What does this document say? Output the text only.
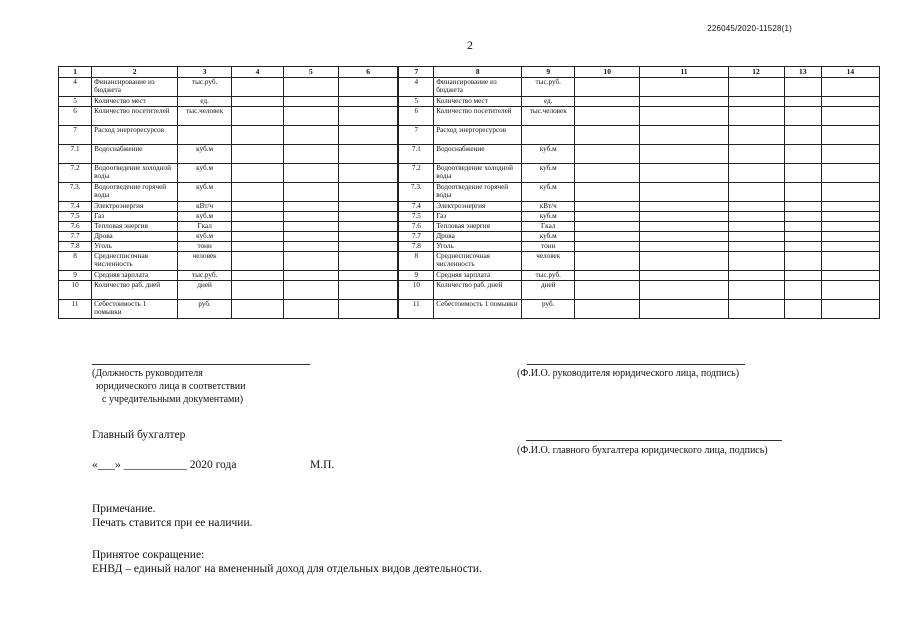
226045/2020-11528(1)
2
1	2	3	4	5	6	7	8	9	10	11	12	13	14
4	Финансирование из бюджета	тыс.руб.				4	Финансирование из бюджета	тыс.руб.					
5	Количество мест	ед.				5	Количество мест	ед.					
6	Количество посетителей	тыс.человек				6	Количество посетителей	тыс.человек					
7	Расход энергоресурсов					7	Расход энергоресурсов						
7.1	Водоснабжение	куб.м				7.1	Водоснабжение	куб.м					
7.2	Водоотведение холодной воды	куб.м				7.2	Водоотведение холодной воды	куб.м					
7.3.	Водоотведение горячей воды	куб.м				7.3.	Водоотведение горячей воды	куб.м					
7.4	Электроэнергия	кВт/ч				7.4	Электроэнергия	кВт/ч					
7.5	Газ	куб.м				7.5	Газ	куб.м					
7.6	Тепловая энергия	Гкал				7.6	Тепловая энергия	Гкал					
7.7	Дрова	куб.м				7.7	Дрова	куб.м					
7.8	Уголь	тонн				7.8	Уголь	тонн					
8	Среднесписочная численность	человек				8	Среднесписочная численность	человек					
9	Средняя зарплата	тыс.руб.				9	Средняя зарплата	тыс.руб.					
10	Количество раб. дней	дней				10	Количество раб. дней	дней					
11	Себестоимость 1 помывки	руб.				11	Себестоимость 1 помывки	руб.					
(Должность руководителя
юридического лица в соответствии
с учредительными документами)
(Ф.И.О. руководителя юридического лица, подпись)
Главный бухгалтер
(Ф.И.О. главного бухгалтера юридического лица, подпись)
«___» ___________ 2020 года	М.П.
Примечание.
Печать ставится при ее наличии.
Принятое сокращение:
ЕНВД – единый налог на вмененный доход для отдельных видов деятельности.
